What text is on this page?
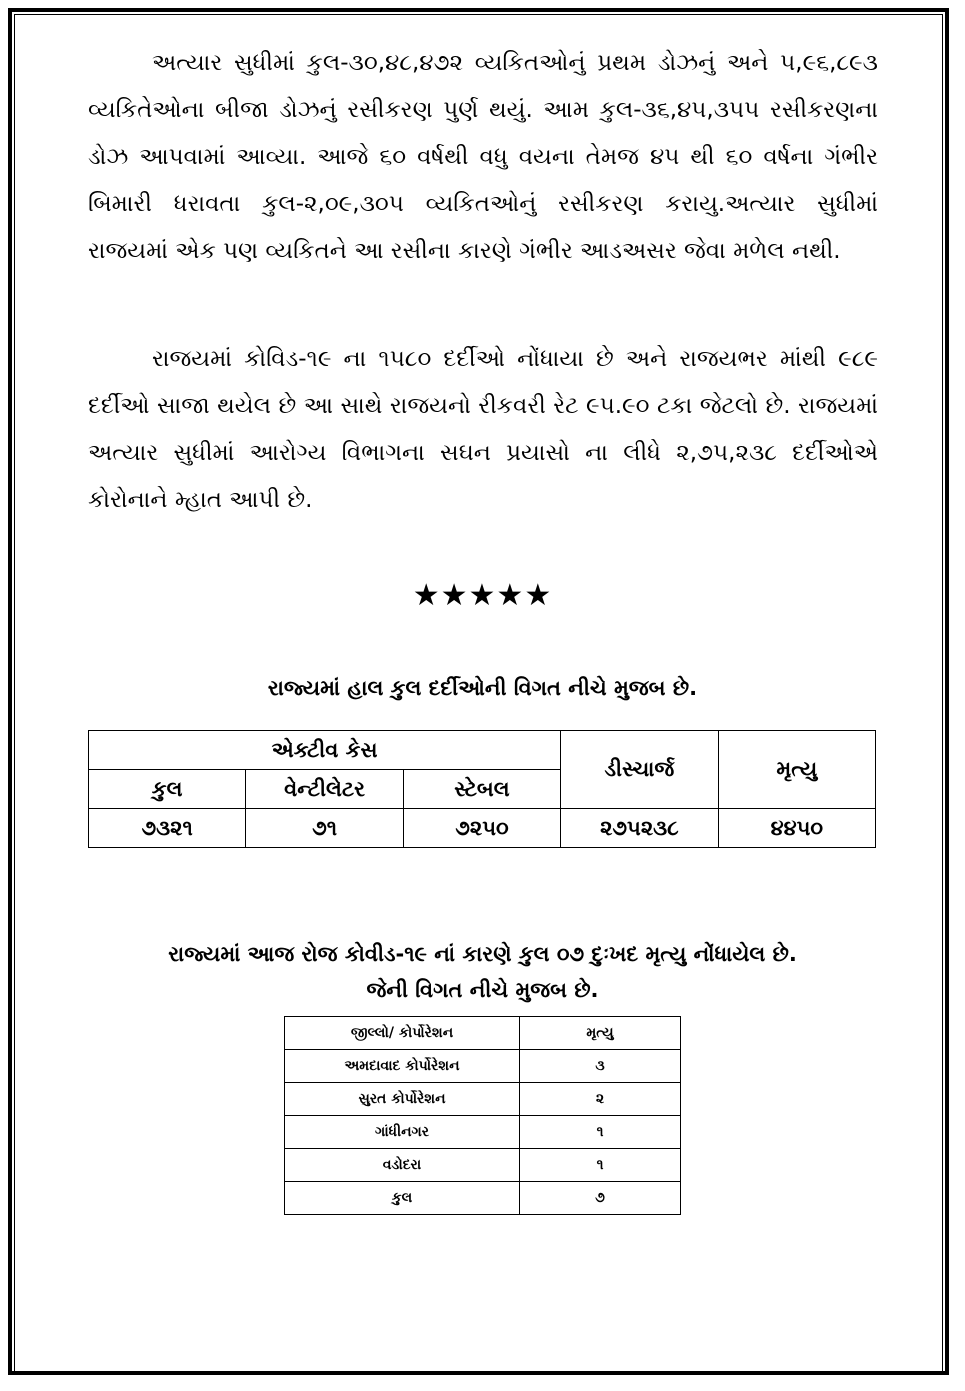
અત્યાર સુધીમાં કુલ-૩૦,૪૮,૪૭૨ વ્યકિતઓનું પ્રથમ ડોઝનું અને ૫,૯૬,૮૯૩ વ્યકિતેઓના બીજા ડોઝનું રસીકરણ પુર્ણ થયું. આમ કુલ-૩૬,૪૫,૩૫૫ રસીકરણના ડોઝ આપવામાં આવ્યા. આજે ૬૦ વર્ષથી વધુ વયના તેમજ ૪૫ થી ૬૦ વર્ષના ગંભીર બિમારી ધરાવતા કુલ-૨,૦૯,૩૦૫ વ્યકિતઓનું રસીકરણ કરાયુ.અત્યાર સુધીમાં રાજયમાં એક પણ વ્યકિતને આ રસીના કારણે ગંભીર આડઅસર જેવા મળેલ નથી.

રાજયમાં કોવિડ-૧૯ ના ૧૫૮૦ દર્દીઓ નોંધાયા છે અને રાજયભર માંથી ૯૮૯ દર્દીઓ સાજા થયેલ છે આ સાથે રાજયનો રીકવરી રેટ ૯૫.૯૦ ટકા જેટલો છે. રાજયમાં અત્યાર સુધીમાં આરોગ્ય વિભાગના સઘન પ્રયાસો ના લીધે ૨,૭૫,૨૩૮ દર્દીઓએ કોરોનાને મ્હાત આપી છે.

★★★★★

રાજ્યમાં હાલ કુલ દર્દીઓની વિગત નીચે મુજબ છે.

એક્ટીવ કેસ			ડીસ્ચાર્જ	મૃત્યુ
કુલ	વેન્ટીલેટર	સ્ટેબલ		
૭૩૨૧	૭૧	૭૨૫૦	૨૭૫૨૩૮	૪૪૫૦
રાજ્યમાં આજ રોજ કોવીડ-૧૯ નાં કારણે કુલ ૦૭ દુઃખદ મૃત્યુ નોંધાયેલ છે.
જેની વિગત નીચે મુજબ છે.
જીલ્લો/ કોર્પોરેશન	મૃત્યુ
અમદાવાદ કોર્પોરેશન	૩
સુરત કોર્પોરેશન	૨
ગાંધીનગર	૧
વડોદરા	૧
કુલ	૭
